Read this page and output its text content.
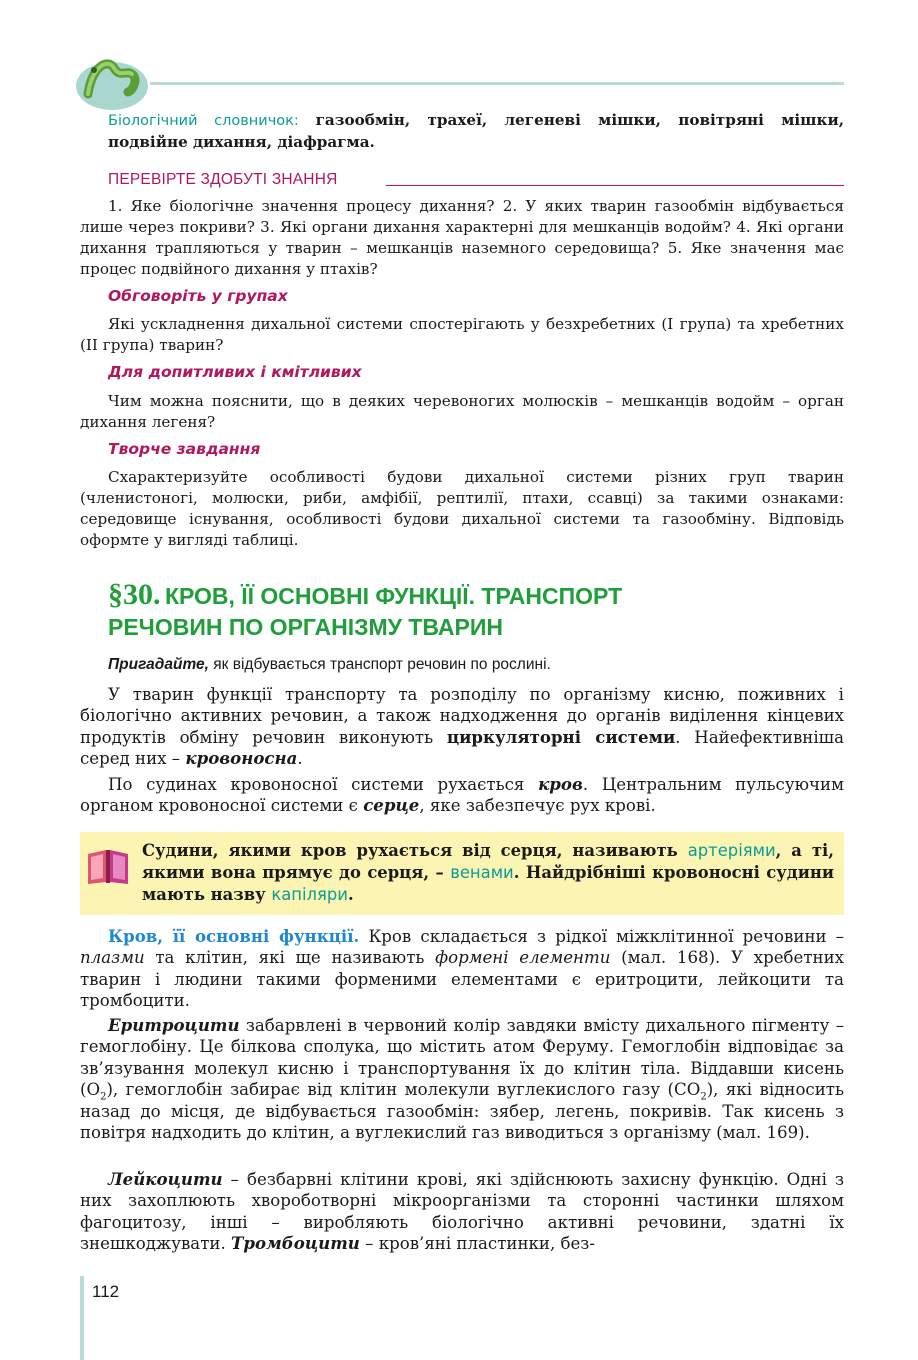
Біологічний словничок: газообмін, трахеї, легеневі мішки, повітряні мішки, подвійне дихання, діафрагма.

ПЕРЕВІРТЕ ЗДОБУТІ ЗНАННЯ

1. Яке біологічне значення процесу дихання? 2. У яких тварин газообмін відбувається лише через покриви? 3. Які органи дихання характерні для мешканців водойм? 4. Які органи дихання трапляються у тварин – мешканців наземного середовища? 5. Яке значення має процес подвійного дихання у птахів?

Обговоріть у групах

Які ускладнення дихальної системи спостерігають у безхребетних (I група) та хребетних (II група) тварин?

Для допитливих і кмітливих

Чим можна пояснити, що в деяких черевоногих молюсків – мешканців водойм – орган дихання легеня?

Творче завдання

Схарактеризуйте особливості будови дихальної системи різних груп тварин (членистоногі, молюски, риби, амфібії, рептилії, птахи, ссавці) за такими ознаками: середовище існування, особливості будови дихальної системи та газообміну. Відповідь оформте у вигляді таблиці.

§30. КРОВ, ЇЇ ОСНОВНІ ФУНКЦІЇ. ТРАНСПОРТ
РЕЧОВИН ПО ОРГАНІЗМУ ТВАРИН
Пригадайте, як відбувається транспорт речовин по рослині.

У тварин функції транспорту та розподілу по організму кисню, поживних і біологічно активних речовин, а також надходження до органів виділення кінцевих продуктів обміну речовин виконують циркуляторні системи. Найефективніша серед них – кровоносна.

По судинах кровоносної системи рухається кров. Центральним пульсуючим органом кровоносної системи є серце, яке забезпечує рух крові.

Судини, якими кров рухається від серця, називають артеріями, а ті, якими вона прямує до серця, – венами. Найдрібніші кровоносні судини мають назву капіляри.

Кров, її основні функції. Кров складається з рідкої міжклітинної речовини – плазми та клітин, які ще називають формені елементи (мал. 168). У хребетних тварин і людини такими форменими елементами є еритроцити, лейкоцити та тромбоцити.

Еритроцити забарвлені в червоний колір завдяки вмісту дихального пігменту – гемоглобіну. Це білкова сполука, що містить атом Феруму. Гемоглобін відповідає за зв’язування молекул кисню і транспортування їх до клітин тіла. Віддавши кисень $(O_2)$, гемоглобін забирає від клітин молекули вуглекислого газу $(CO_2)$, які відносить назад до місця, де відбувається газообмін: зябер, легень, покривів. Так кисень з повітря надходить до клітин, а вуглекислий газ виводиться з організму (мал. 169).

Лейкоцити – безбарвні клітини крові, які здійснюють захисну функцію. Одні з них захоплюють хвороботворні мікроорганізми та сторонні частинки шляхом фагоцитозу, інші – виробляють біологічно активні речовини, здатні їх знешкоджувати. Тромбоцити – кров’яні пластинки, без-

112
